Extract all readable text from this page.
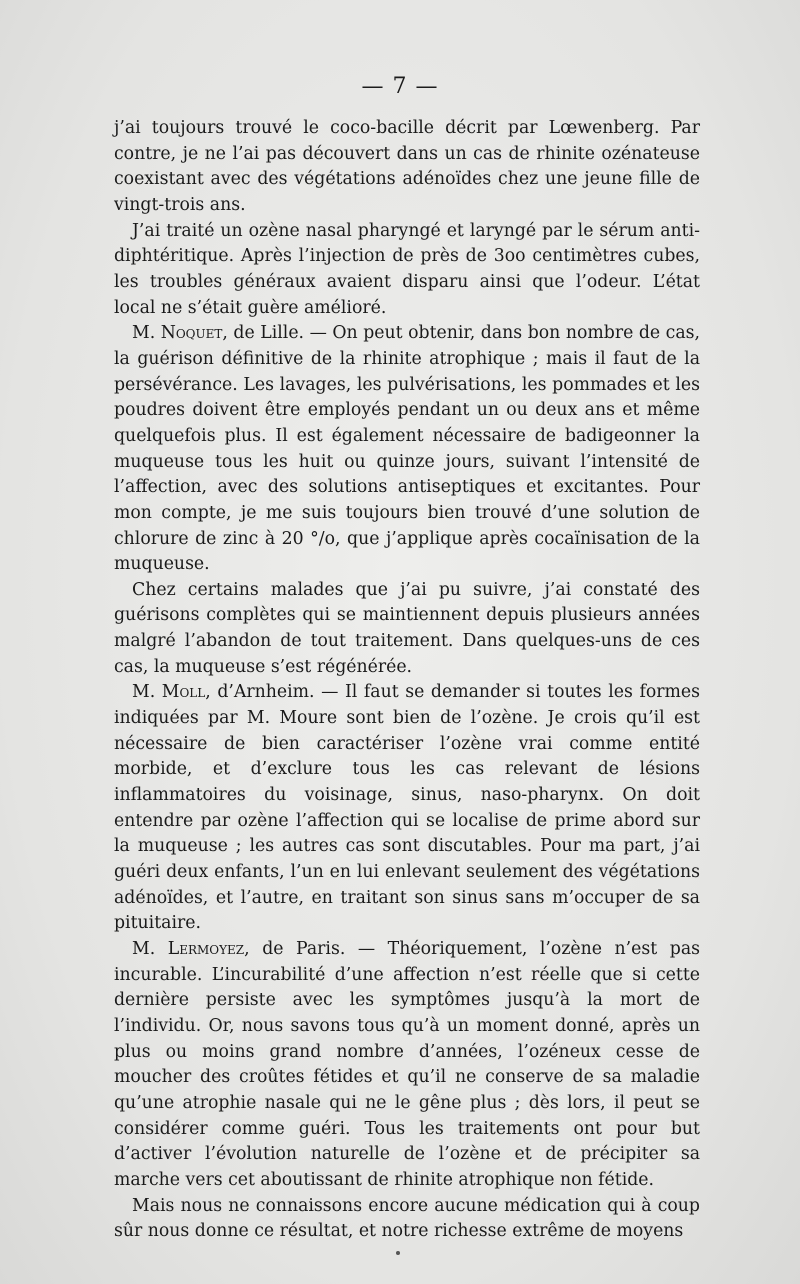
— 7 —

j’ai toujours trouvé le coco-bacille décrit par Lœwenberg. Par contre, je ne l’ai pas découvert dans un cas de rhinite ozénateuse coexistant avec des végétations adénoïdes chez une jeune fille de vingt-trois ans.

J’ai traité un ozène nasal pharyngé et laryngé par le sérum anti-diphtéritique. Après l’injection de près de 3oo centimètres cubes, les troubles généraux avaient disparu ainsi que l’odeur. L’état local ne s’était guère amélioré.

M. Noquet, de Lille. — On peut obtenir, dans bon nombre de cas, la guérison définitive de la rhinite atrophique ; mais il faut de la persévérance. Les lavages, les pulvérisations, les pommades et les poudres doivent être employés pendant un ou deux ans et même quelquefois plus. Il est également nécessaire de badigeonner la muqueuse tous les huit ou quinze jours, suivant l’intensité de l’affection, avec des solutions antiseptiques et excitantes. Pour mon compte, je me suis toujours bien trouvé d’une solution de chlorure de zinc à 20 °/o, que j’applique après cocaïnisation de la muqueuse.

Chez certains malades que j’ai pu suivre, j’ai constaté des guérisons complètes qui se maintiennent depuis plusieurs années malgré l’abandon de tout traitement. Dans quelques-uns de ces cas, la muqueuse s’est régénérée.

M. Moll, d’Arnheim. — Il faut se demander si toutes les formes indiquées par M. Moure sont bien de l’ozène. Je crois qu’il est nécessaire de bien caractériser l’ozène vrai comme entité morbide, et d’exclure tous les cas relevant de lésions inflammatoires du voisinage, sinus, naso-pharynx. On doit entendre par ozène l’affection qui se localise de prime abord sur la muqueuse ; les autres cas sont discutables. Pour ma part, j’ai guéri deux enfants, l’un en lui enlevant seulement des végétations adénoïdes, et l’autre, en traitant son sinus sans m’occuper de sa pituitaire.

M. Lermoyez, de Paris. — Théoriquement, l’ozène n’est pas incurable. L’incurabilité d’une affection n’est réelle que si cette dernière persiste avec les symptômes jusqu’à la mort de l’individu. Or, nous savons tous qu’à un moment donné, après un plus ou moins grand nombre d’années, l’ozéneux cesse de moucher des croûtes fétides et qu’il ne conserve de sa maladie qu’une atrophie nasale qui ne le gêne plus ; dès lors, il peut se considérer comme guéri. Tous les traitements ont pour but d’activer l’évolution naturelle de l’ozène et de précipiter sa marche vers cet aboutissant de rhinite atrophique non fétide.

Mais nous ne connaissons encore aucune médication qui à coup sûr nous donne ce résultat, et notre richesse extrême de moyens
